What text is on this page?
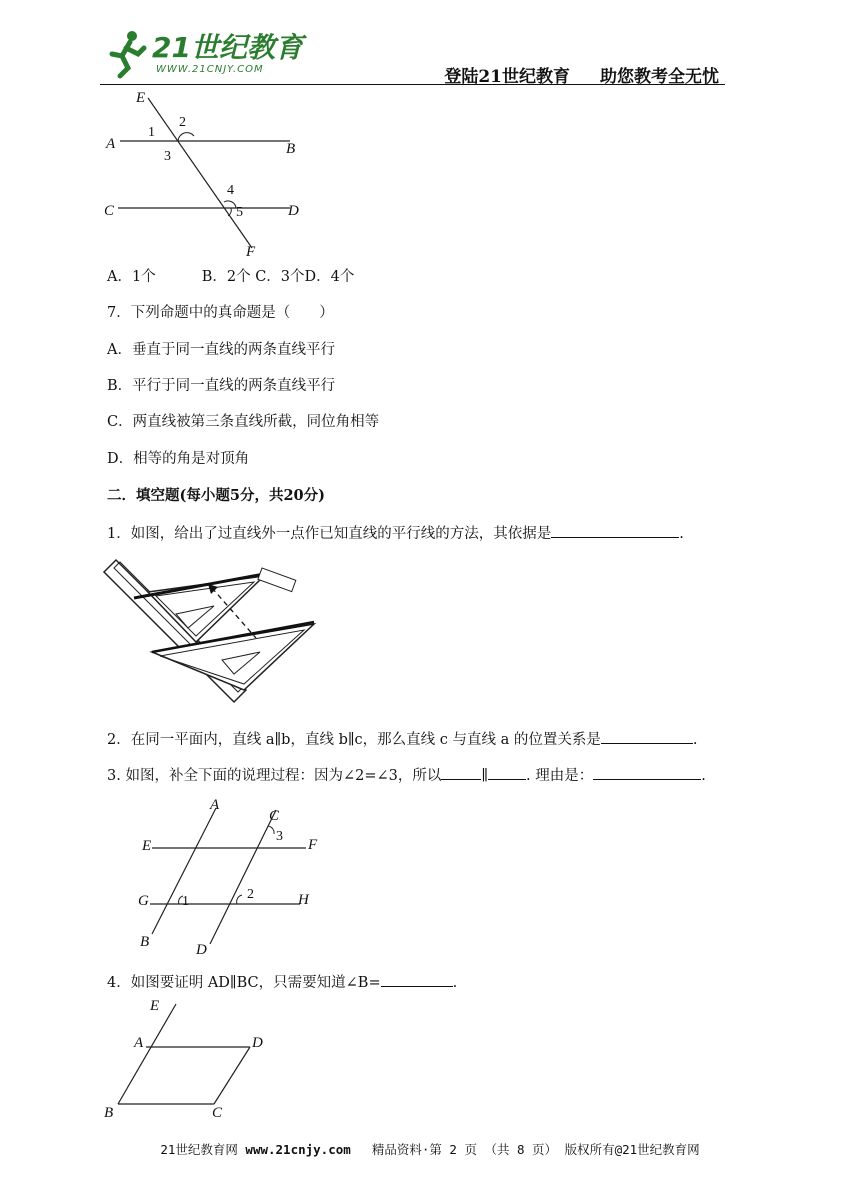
21世纪教育
WWW.21CNJY.COM	登陆21世纪教育 助您教考全无忧
E
A	B
C	D
F
1
2
3
4
5
A．1个	B．2个 C．3个D．4个
7．下列命题中的真命题是（　　）
A．垂直于同一直线的两条直线平行
B．平行于同一直线的两条直线平行
C．两直线被第三条直线所截，同位角相等
D．相等的角是对顶角
二．填空题(每小题5分，共20分)
1．如图，给出了过直线外一点作已知直线的平行线的方法，其依据是	.
2．在同一平面内，直线 a∥b，直线 b∥c，那么直线 c 与直线 a 的位置关系是	.
3. 如图，补全下面的说理过程：因为∠2=∠3，所以	∥	. 理由是：	.
A
C
3
E	F
G 1	2	H
B	D
4．如图要证明 AD∥BC，只需要知道∠B=	.
E
A	D
B	C
21世纪教育网 www.21cnjy.com 精品资料·第 2 页 （共 8 页） 版权所有@21世纪教育网
